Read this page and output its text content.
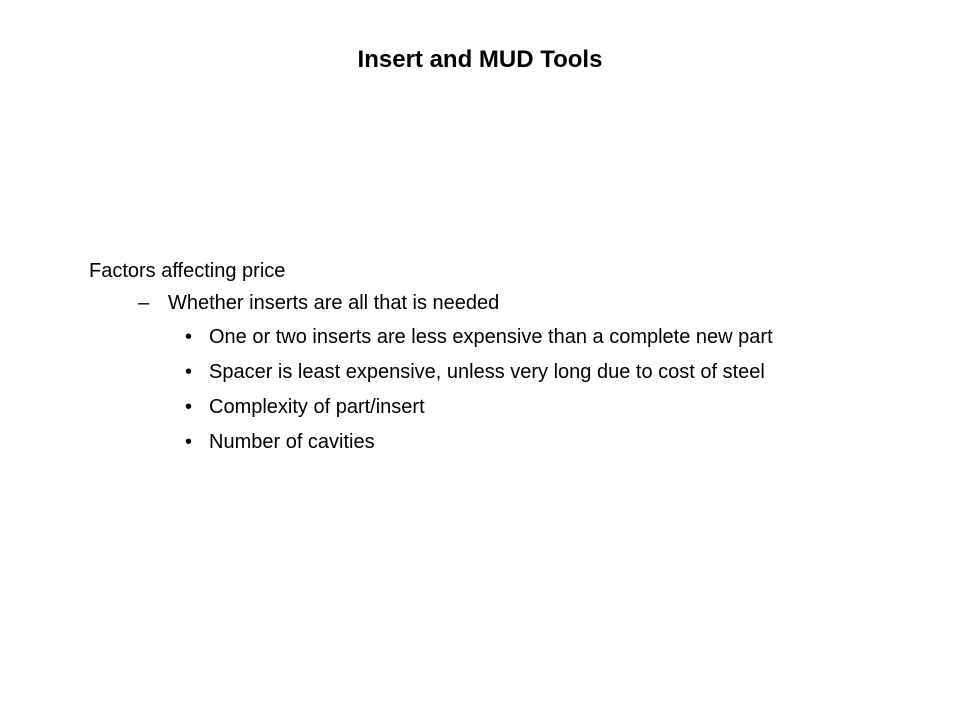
Insert and MUD Tools
Factors affecting price
– Whether inserts are all that is needed
• One or two inserts are less expensive than a complete new part
• Spacer is least expensive, unless very long due to cost of steel
• Complexity of part/insert
• Number of cavities
